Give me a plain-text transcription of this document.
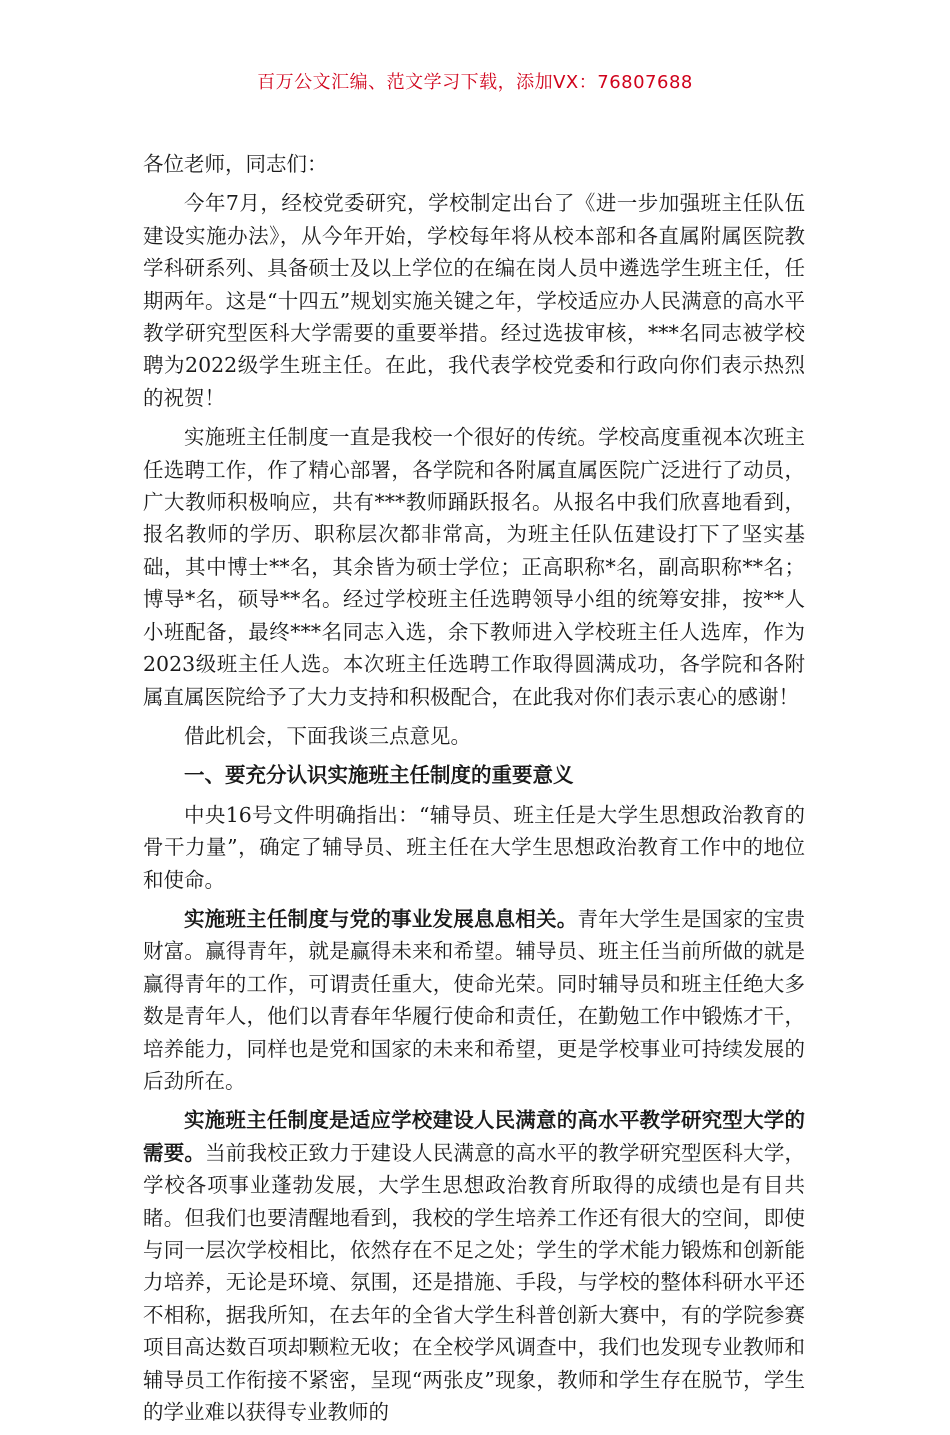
百万公文汇编、范文学习下载，添加VX：76807688

各位老师，同志们：

今年7月，经校党委研究，学校制定出台了《进一步加强班主任队伍建设实施办法》，从今年开始，学校每年将从校本部和各直属附属医院教学科研系列、具备硕士及以上学位的在编在岗人员中遴选学生班主任，任期两年。这是“十四五”规划实施关键之年，学校适应办人民满意的高水平教学研究型医科大学需要的重要举措。经过选拔审核，***名同志被学校聘为2022级学生班主任。在此，我代表学校党委和行政向你们表示热烈的祝贺！

实施班主任制度一直是我校一个很好的传统。学校高度重视本次班主任选聘工作，作了精心部署，各学院和各附属直属医院广泛进行了动员，广大教师积极响应，共有***教师踊跃报名。从报名中我们欣喜地看到，报名教师的学历、职称层次都非常高，为班主任队伍建设打下了坚实基础，其中博士**名，其余皆为硕士学位；正高职称*名，副高职称**名；博导*名，硕导**名。经过学校班主任选聘领导小组的统筹安排，按**人小班配备，最终***名同志入选，余下教师进入学校班主任人选库，作为2023级班主任人选。本次班主任选聘工作取得圆满成功，各学院和各附属直属医院给予了大力支持和积极配合，在此我对你们表示衷心的感谢！

借此机会，下面我谈三点意见。

一、要充分认识实施班主任制度的重要意义

中央16号文件明确指出：“辅导员、班主任是大学生思想政治教育的骨干力量”，确定了辅导员、班主任在大学生思想政治教育工作中的地位和使命。

实施班主任制度与党的事业发展息息相关。青年大学生是国家的宝贵财富。赢得青年，就是赢得未来和希望。辅导员、班主任当前所做的就是赢得青年的工作，可谓责任重大，使命光荣。同时辅导员和班主任绝大多数是青年人，他们以青春年华履行使命和责任，在勤勉工作中锻炼才干，培养能力，同样也是党和国家的未来和希望，更是学校事业可持续发展的后劲所在。

实施班主任制度是适应学校建设人民满意的高水平教学研究型大学的需要。当前我校正致力于建设人民满意的高水平的教学研究型医科大学，学校各项事业蓬勃发展，大学生思想政治教育所取得的成绩也是有目共睹。但我们也要清醒地看到，我校的学生培养工作还有很大的空间，即使与同一层次学校相比，依然存在不足之处；学生的学术能力锻炼和创新能力培养，无论是环境、氛围，还是措施、手段，与学校的整体科研水平还不相称，据我所知，在去年的全省大学生科普创新大赛中，有的学院参赛项目高达数百项却颗粒无收；在全校学风调查中，我们也发现专业教师和辅导员工作衔接不紧密，呈现“两张皮”现象，教师和学生存在脱节，学生的学业难以获得专业教师的
